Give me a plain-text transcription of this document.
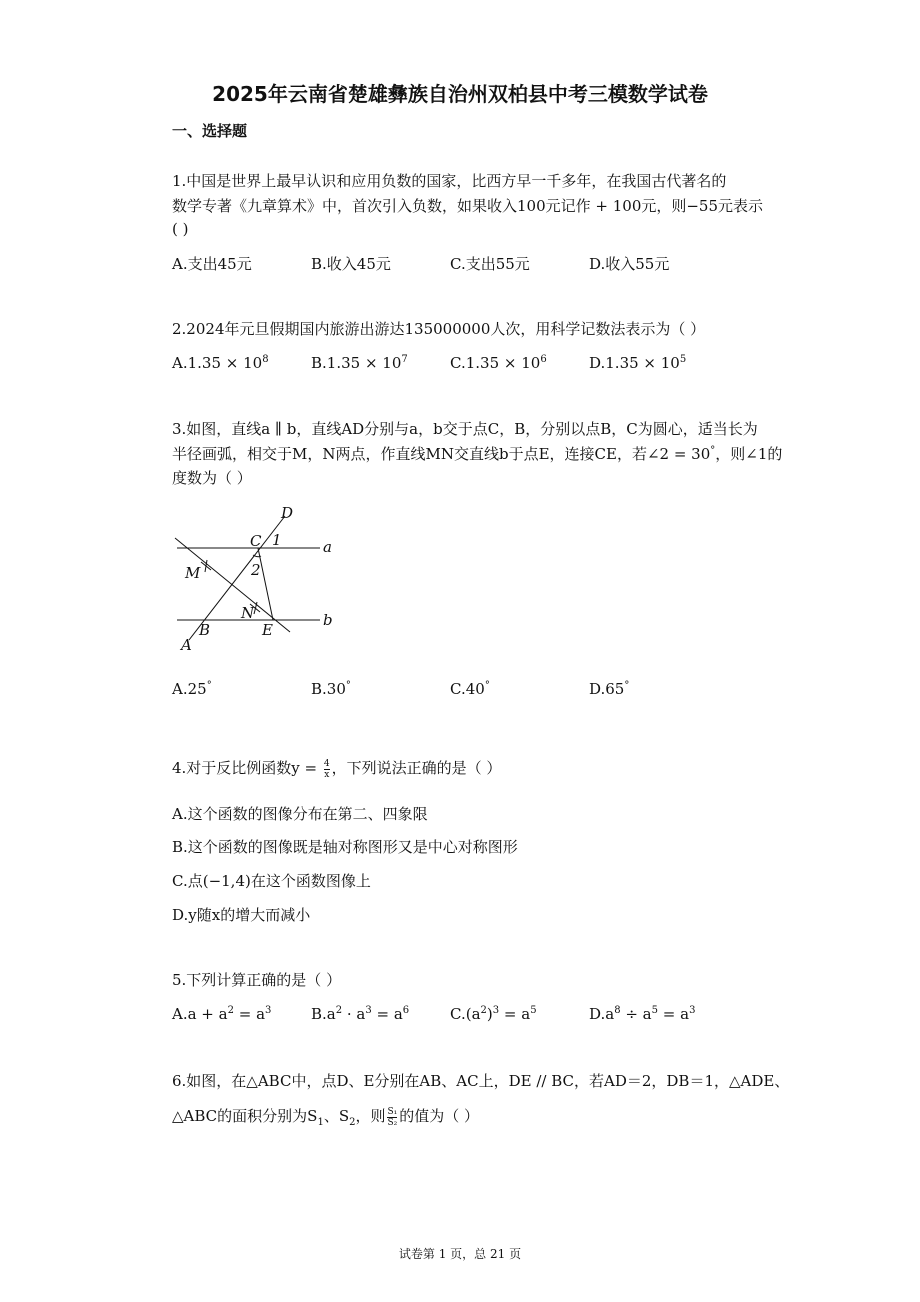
2025年云南省楚雄彝族自治州双柏县中考三模数学试卷
一、选择题
1.中国是世界上最早认识和应用负数的国家，比西方早一千多年，在我国古代著名的
数学专著《九章算术》中，首次引入负数，如果收入100元记作 + 100元，则−55元表示
( )
A.支出45元	B.收入45元	C.支出55元	D.收入55元
2.2024年元旦假期国内旅游出游达135000000人次，用科学记数法表示为（ ）
$A.1.35 \times 10^8$	$B.1.35 \times 10^7$	$C.1.35 \times 10^6$	$D.1.35 \times 10^5$
3.如图，直线a ∥ b，直线AD分别与a，b交于点C，B，分别以点B，C为圆心，适当长为
半径画弧，相交于M，N两点，作直线MN交直线b于点E，连接CE，若∠2 = 30°，则∠1的
度数为（ ）
D
C 1	a
M	2
N
B	E
b
A
A.25°	B.30°	C.40°	D.65°
4.对于反比例函数$y = \frac{4}{x}$ ，下列说法正确的是（ ）
A.这个函数的图像分布在第二、四象限
B.这个函数的图像既是轴对称图形又是中心对称图形
C.点(−1,4)在这个函数图像上
D.y随x的增大而减小
5.下列计算正确的是（ ）
$A.a + a^2 = a^3$	$B.a^2 \cdot a^3 = a^6$	$C.(a^2)^3 = a^5$	$D.a^8 \div a^5 = a^3$
6.如图，在△ABC中，点D、E分别在AB、AC上，DE // BC，若AD＝2，DB＝1，△ADE、
△ABC的面积分别为$S_1$、$S_2$，则 $\frac{\text{S₁}}{\text{S₂}}$ 的值为（ ）
试卷第 1 页，总 21 页
